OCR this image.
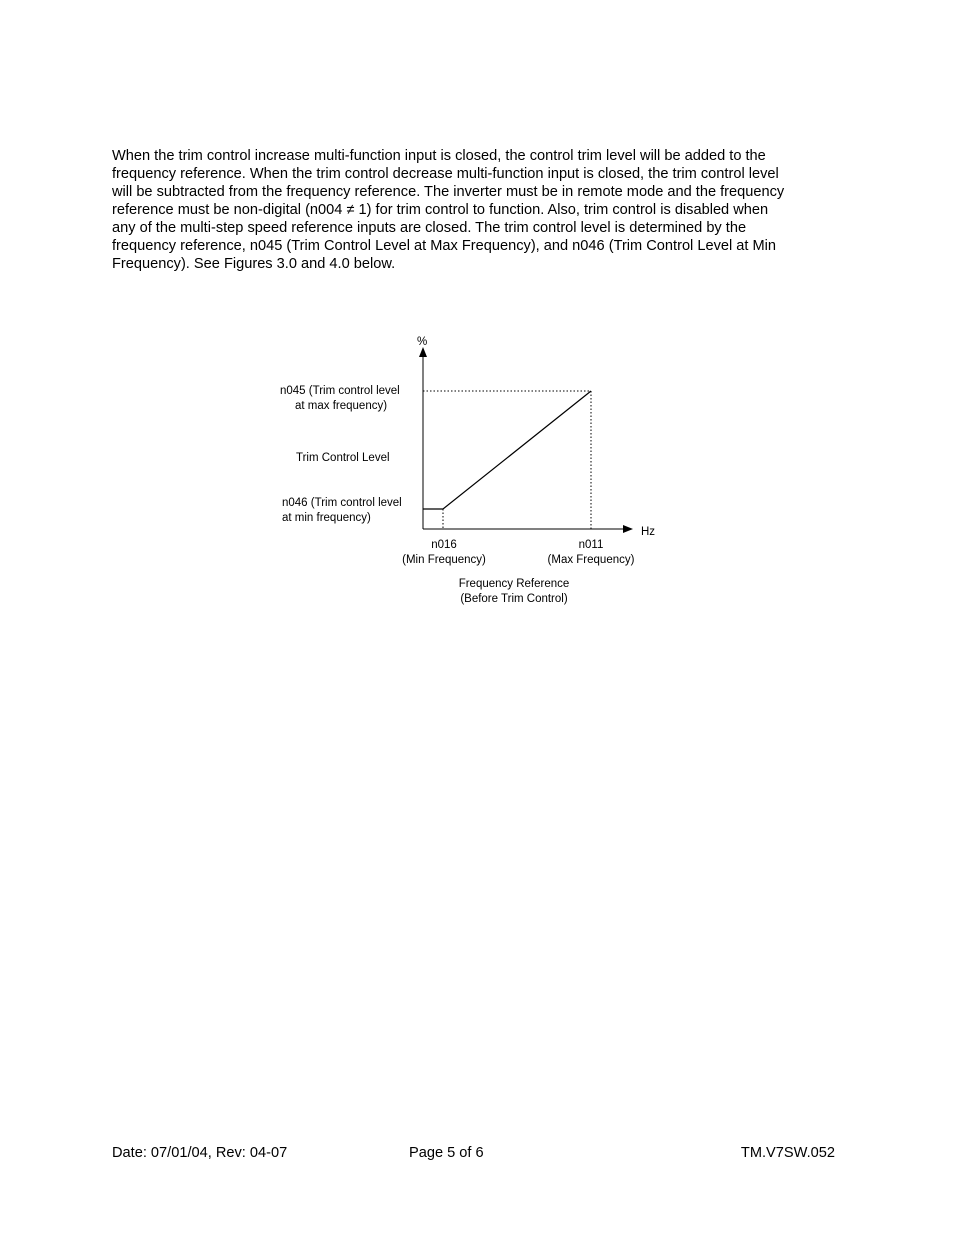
When the trim control increase multi-function input is closed, the control trim level will be added to the
frequency reference. When the trim control decrease multi-function input is closed, the trim control level
will be subtracted from the frequency reference. The inverter must be in remote mode and the frequency
reference must be non-digital (n004 ≠ 1) for trim control to function. Also, trim control is disabled when
any of the multi-step speed reference inputs are closed. The trim control level is determined by the
frequency reference, n045 (Trim Control Level at Max Frequency), and n046 (Trim Control Level at Min
Frequency). See Figures 3.0 and 4.0 below.

%
n045 (Trim control level
at max frequency)
Trim Control Level
n046 (Trim control level
at min frequency)
Hz
n016
(Min Frequency)
n011
(Max Frequency)
Frequency Reference
(Before Trim Control)
Date: 07/01/04, Rev: 04-07	Page 5 of 6	TM.V7SW.052
